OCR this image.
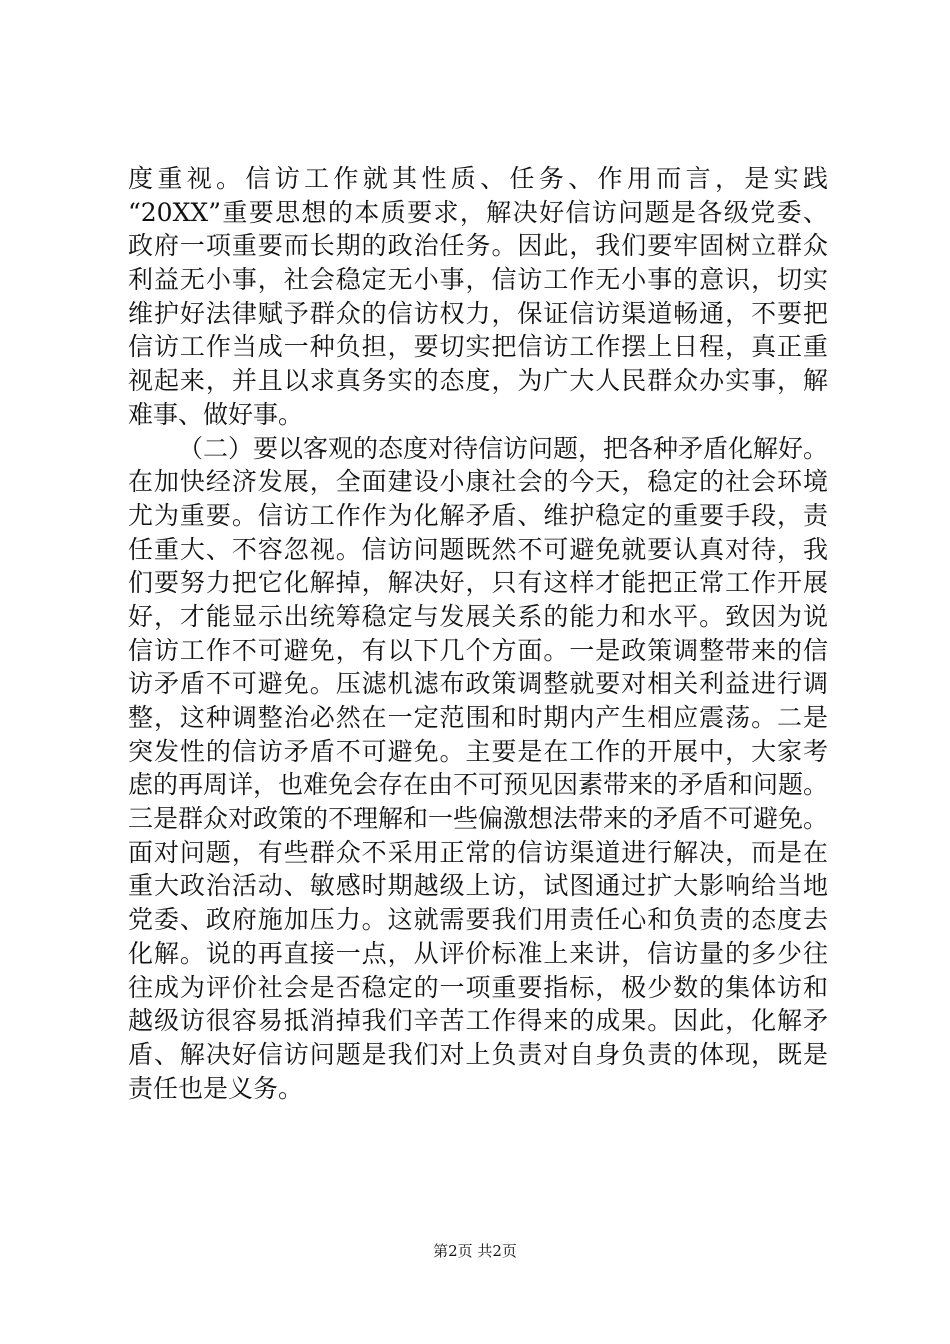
度重视。信访工作就其性质、任务、作用而言，是实践
“20XX”重要思想的本质要求，解决好信访问题是各级党委、
政府一项重要而长期的政治任务。因此，我们要牢固树立群众
利益无小事，社会稳定无小事，信访工作无小事的意识，切实
维护好法律赋予群众的信访权力，保证信访渠道畅通，不要把
信访工作当成一种负担，要切实把信访工作摆上日程，真正重
视起来，并且以求真务实的态度，为广大人民群众办实事，解
难事、做好事。
（二）要以客观的态度对待信访问题，把各种矛盾化解好。
在加快经济发展，全面建设小康社会的今天，稳定的社会环境
尤为重要。信访工作作为化解矛盾、维护稳定的重要手段，责
任重大、不容忽视。信访问题既然不可避免就要认真对待，我
们要努力把它化解掉，解决好，只有这样才能把正常工作开展
好，才能显示出统筹稳定与发展关系的能力和水平。致因为说
信访工作不可避免，有以下几个方面。一是政策调整带来的信
访矛盾不可避免。压滤机滤布政策调整就要对相关利益进行调
整，这种调整治必然在一定范围和时期内产生相应震荡。二是
突发性的信访矛盾不可避免。主要是在工作的开展中，大家考
虑的再周详，也难免会存在由不可预见因素带来的矛盾和问题。
三是群众对政策的不理解和一些偏激想法带来的矛盾不可避免。
面对问题，有些群众不采用正常的信访渠道进行解决，而是在
重大政治活动、敏感时期越级上访，试图通过扩大影响给当地
党委、政府施加压力。这就需要我们用责任心和负责的态度去
化解。说的再直接一点，从评价标准上来讲，信访量的多少往
往成为评价社会是否稳定的一项重要指标，极少数的集体访和
越级访很容易抵消掉我们辛苦工作得来的成果。因此，化解矛
盾、解决好信访问题是我们对上负责对自身负责的体现，既是
责任也是义务。
第2页 共2页
